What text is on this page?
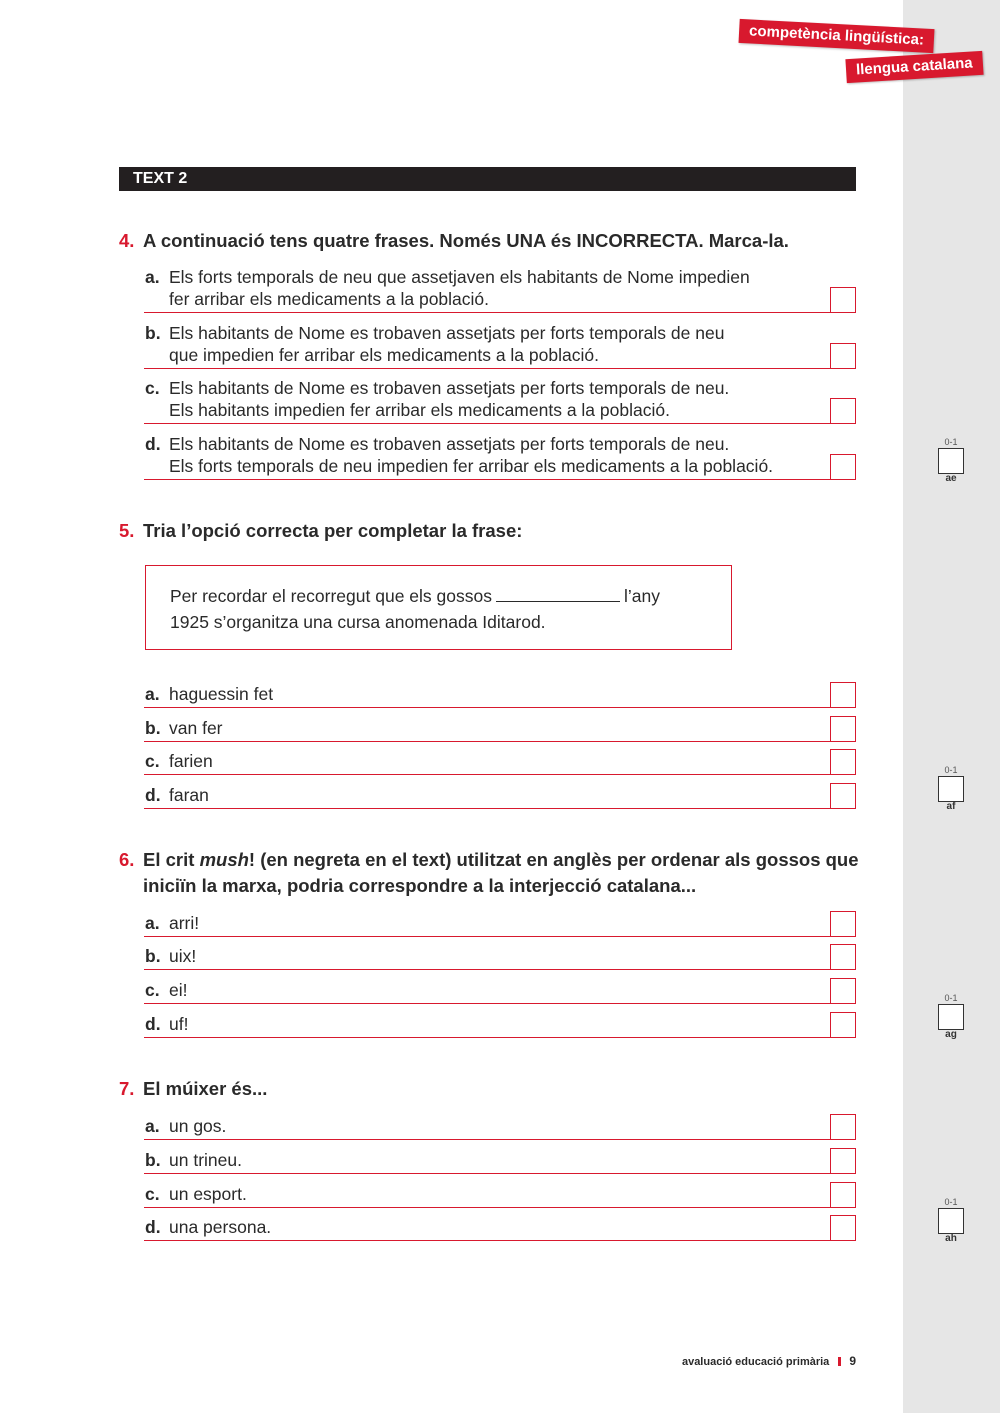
competència lingüística:
llengua catalana
TEXT 2
4. A continuació tens quatre frases. Només UNA és INCORRECTA. Marca-la.
a. Els forts temporals de neu que assetjaven els habitants de Nome impedien
fer arribar els medicaments a la població.
b. Els habitants de Nome es trobaven assetjats per forts temporals de neu
que impedien fer arribar els medicaments a la població.
c. Els habitants de Nome es trobaven assetjats per forts temporals de neu.
Els habitants impedien fer arribar els medicaments a la població.
d. Els habitants de Nome es trobaven assetjats per forts temporals de neu.
Els forts temporals de neu impedien fer arribar els medicaments a la població.
0-1
ae
5. Tria l’opció correcta per completar la frase:
Per recordar el recorregut que els gossos	l’any
1925 s’organitza una cursa anomenada Iditarod.
a. haguessin fet
b. van fer
c. farien
d. faran
0-1
af
6. El crit mush! (en negreta en el text) utilitzat en anglès per ordenar als gossos que iniciïn la marxa, podria correspondre a la interjecció catalana...
a. arri!
b. uix!
c. ei!
d. uf!
0-1
ag
7. El múixer és...
a. un gos.
b. un trineu.
c. un esport.
d. una persona.
0-1
ah
avaluació educació primària 9
